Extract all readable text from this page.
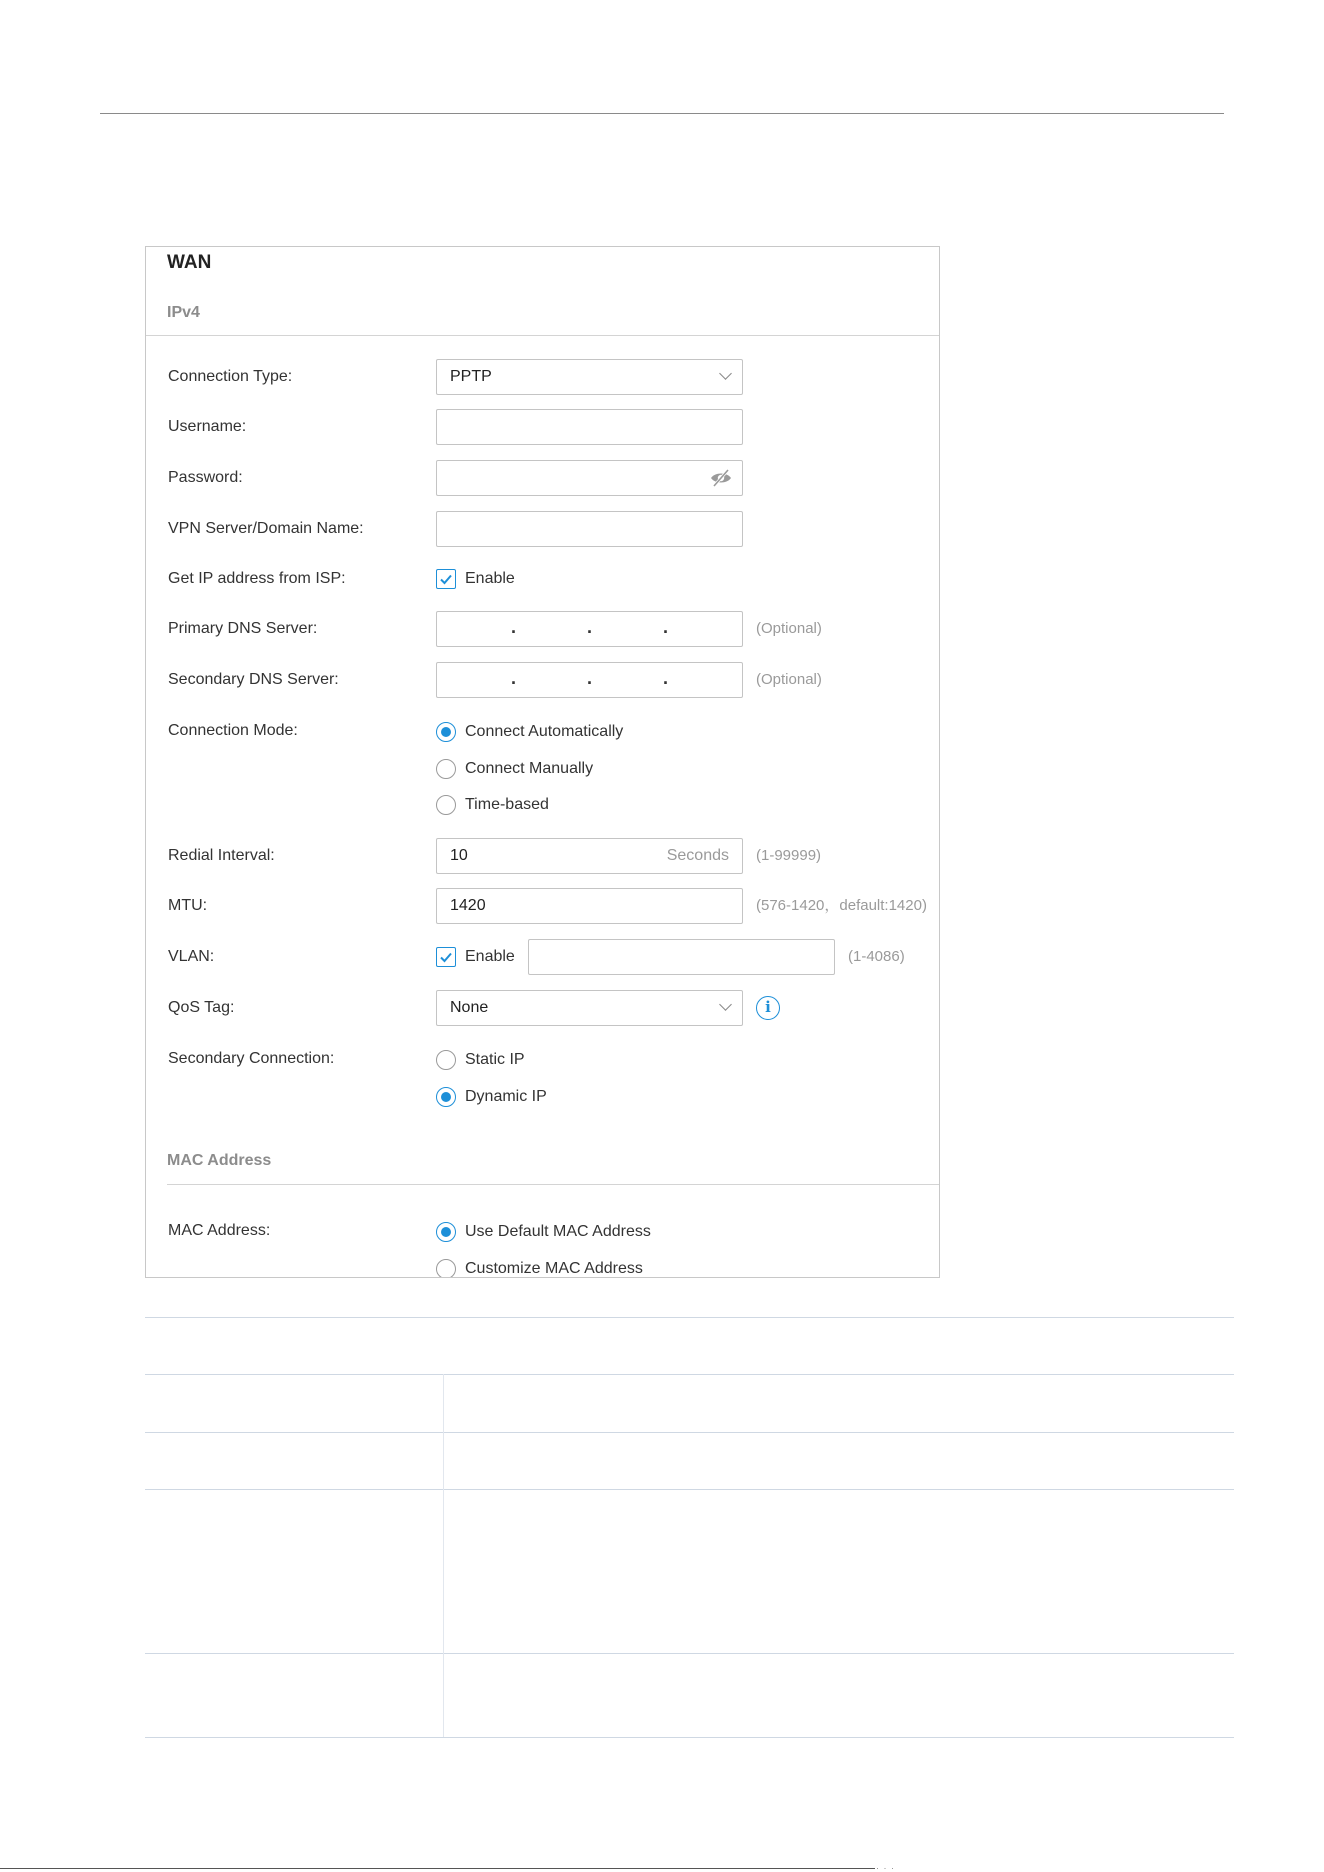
WAN
IPv4
Connection Type:	PPTP
Username:
Password:
VPN Server/Domain Name:
Get IP address from ISP:	Enable
Primary DNS Server:	.	.	.	(Optional)
Secondary DNS Server:	.	.	.	(Optional)
Connection Mode:	Connect Automatically
Connect Manually
Time-based
Redial Interval:	10	Seconds (1-99999)
MTU:	1420	(576-1420，default:1420)
VLAN:	Enable	(1-4086)
QoS Tag:	None	i
Secondary Connection:	Static IP
Dynamic IP
MAC Address
MAC Address:	Use Default MAC Address
Customize MAC Address
· · ·
